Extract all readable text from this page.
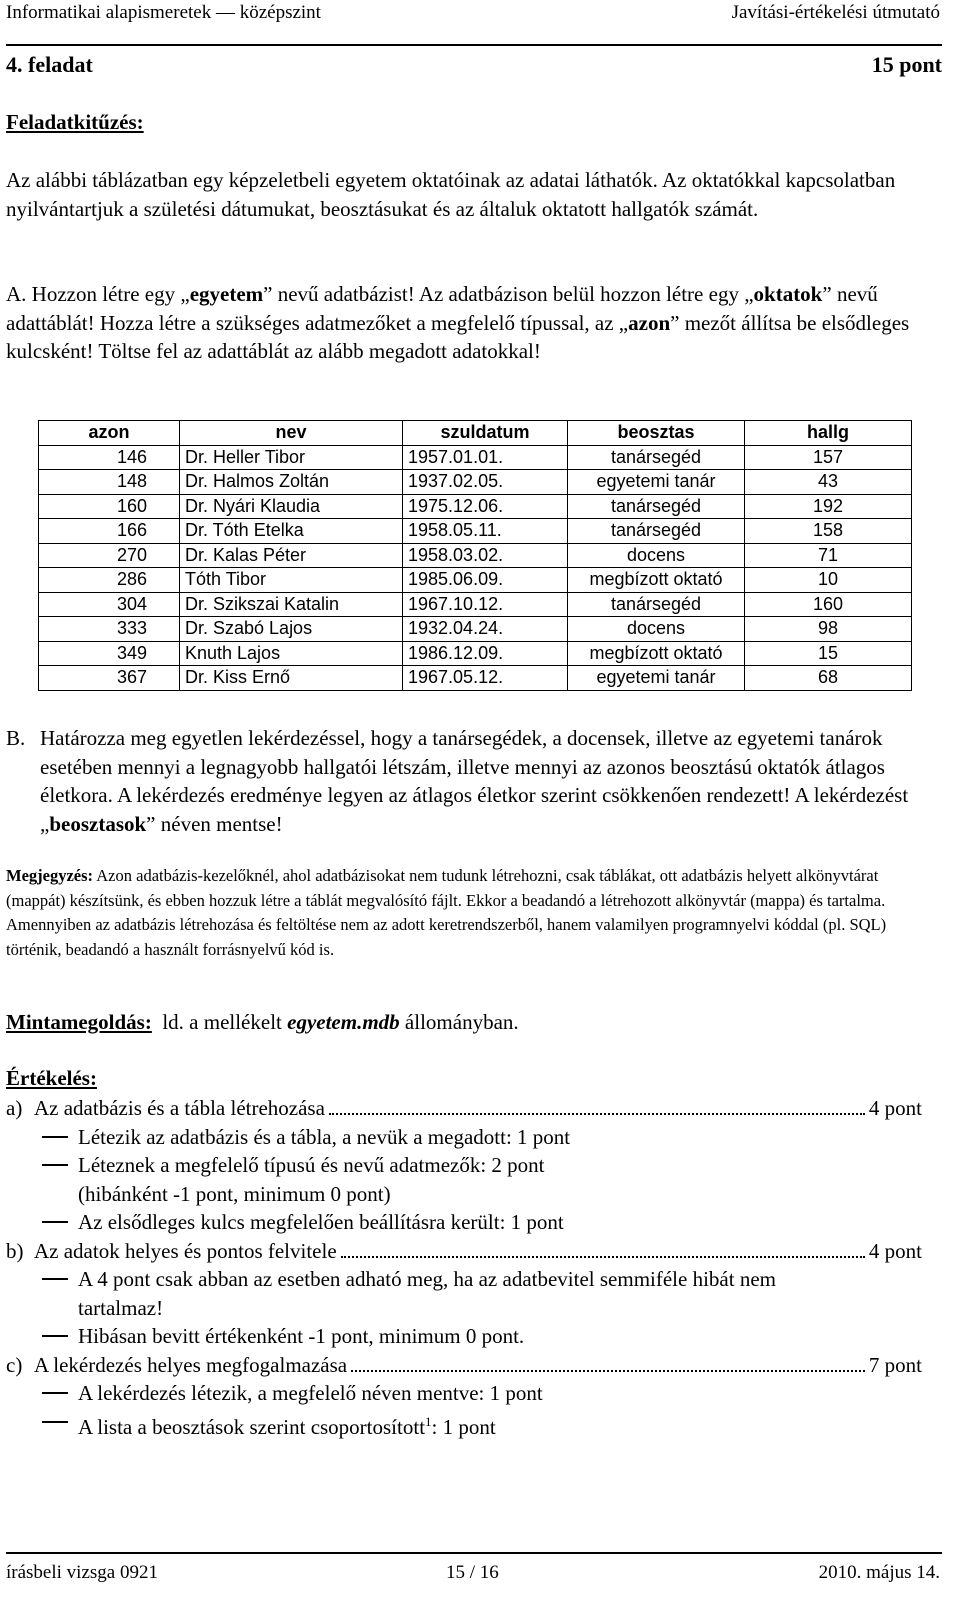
Informatikai alapismeretek — középszint	Javítási-értékelési útmutató
4. feladat	15 pont
Feladatkitűzés:
Az alábbi táblázatban egy képzeletbeli egyetem oktatóinak az adatai láthatók. Az oktatókkal kapcsolatban nyilvántartjuk a születési dátumukat, beosztásukat és az általuk oktatott hallgatók számát.
A. Hozzon létre egy „egyetem” nevű adatbázist! Az adatbázison belül hozzon létre egy „oktatok” nevű adattáblát! Hozza létre a szükséges adatmezőket a megfelelő típussal, az „azon” mezőt állítsa be elsődleges kulcsként! Töltse fel az adattáblát az alább megadott adatokkal!
azon	nev	szuldatum	beosztas	hallg
146	Dr. Heller Tibor	1957.01.01.	tanársegéd	157
148	Dr. Halmos Zoltán	1937.02.05.	egyetemi tanár	43
160	Dr. Nyári Klaudia	1975.12.06.	tanársegéd	192
166	Dr. Tóth Etelka	1958.05.11.	tanársegéd	158
270	Dr. Kalas Péter	1958.03.02.	docens	71
286	Tóth Tibor	1985.06.09.	megbízott oktató	10
304	Dr. Szikszai Katalin	1967.10.12.	tanársegéd	160
333	Dr. Szabó Lajos	1932.04.24.	docens	98
349	Knuth Lajos	1986.12.09.	megbízott oktató	15
367	Dr. Kiss Ernő	1967.05.12.	egyetemi tanár	68
B. Határozza meg egyetlen lekérdezéssel, hogy a tanársegédek, a docensek, illetve az egyetemi tanárok esetében mennyi a legnagyobb hallgatói létszám, illetve mennyi az azonos beosztású oktatók átlagos életkora. A lekérdezés eredménye legyen az átlagos életkor szerint csökkenően rendezett! A lekérdezést „beosztasok” néven mentse!
Megjegyzés: Azon adatbázis-kezelőknél, ahol adatbázisokat nem tudunk létrehozni, csak táblákat, ott adatbázis helyett alkönyvtárat (mappát) készítsünk, és ebben hozzuk létre a táblát megvalósító fájlt. Ekkor a beadandó a létrehozott alkönyvtár (mappa) és tartalma.
Amennyiben az adatbázis létrehozása és feltöltése nem az adott keretrendszerből, hanem valamilyen programnyelvi kóddal (pl. SQL) történik, beadandó a használt forrásnyelvű kód is.
Mintamegoldás: ld. a mellékelt egyetem.mdb állományban.
Értékelés:
a) Az adatbázis és a tábla létrehozása	4 pont
Létezik az adatbázis és a tábla, a nevük a megadott: 1 pont
Léteznek a megfelelő típusú és nevű adatmezők: 2 pont
(hibánként -1 pont, minimum 0 pont)
Az elsődleges kulcs megfelelően beállításra került: 1 pont
b) Az adatok helyes és pontos felvitele	4 pont
A 4 pont csak abban az esetben adható meg, ha az adatbevitel semmiféle hibát nem
tartalmaz!
Hibásan bevitt értékenként -1 pont, minimum 0 pont.
c) A lekérdezés helyes megfogalmazása	7 pont
A lekérdezés létezik, a megfelelő néven mentve: 1 pont
A lista a beosztások szerint csoportosított$^1$: 1 pont
írásbeli vizsga 0921	15 / 16	2010. május 14.
